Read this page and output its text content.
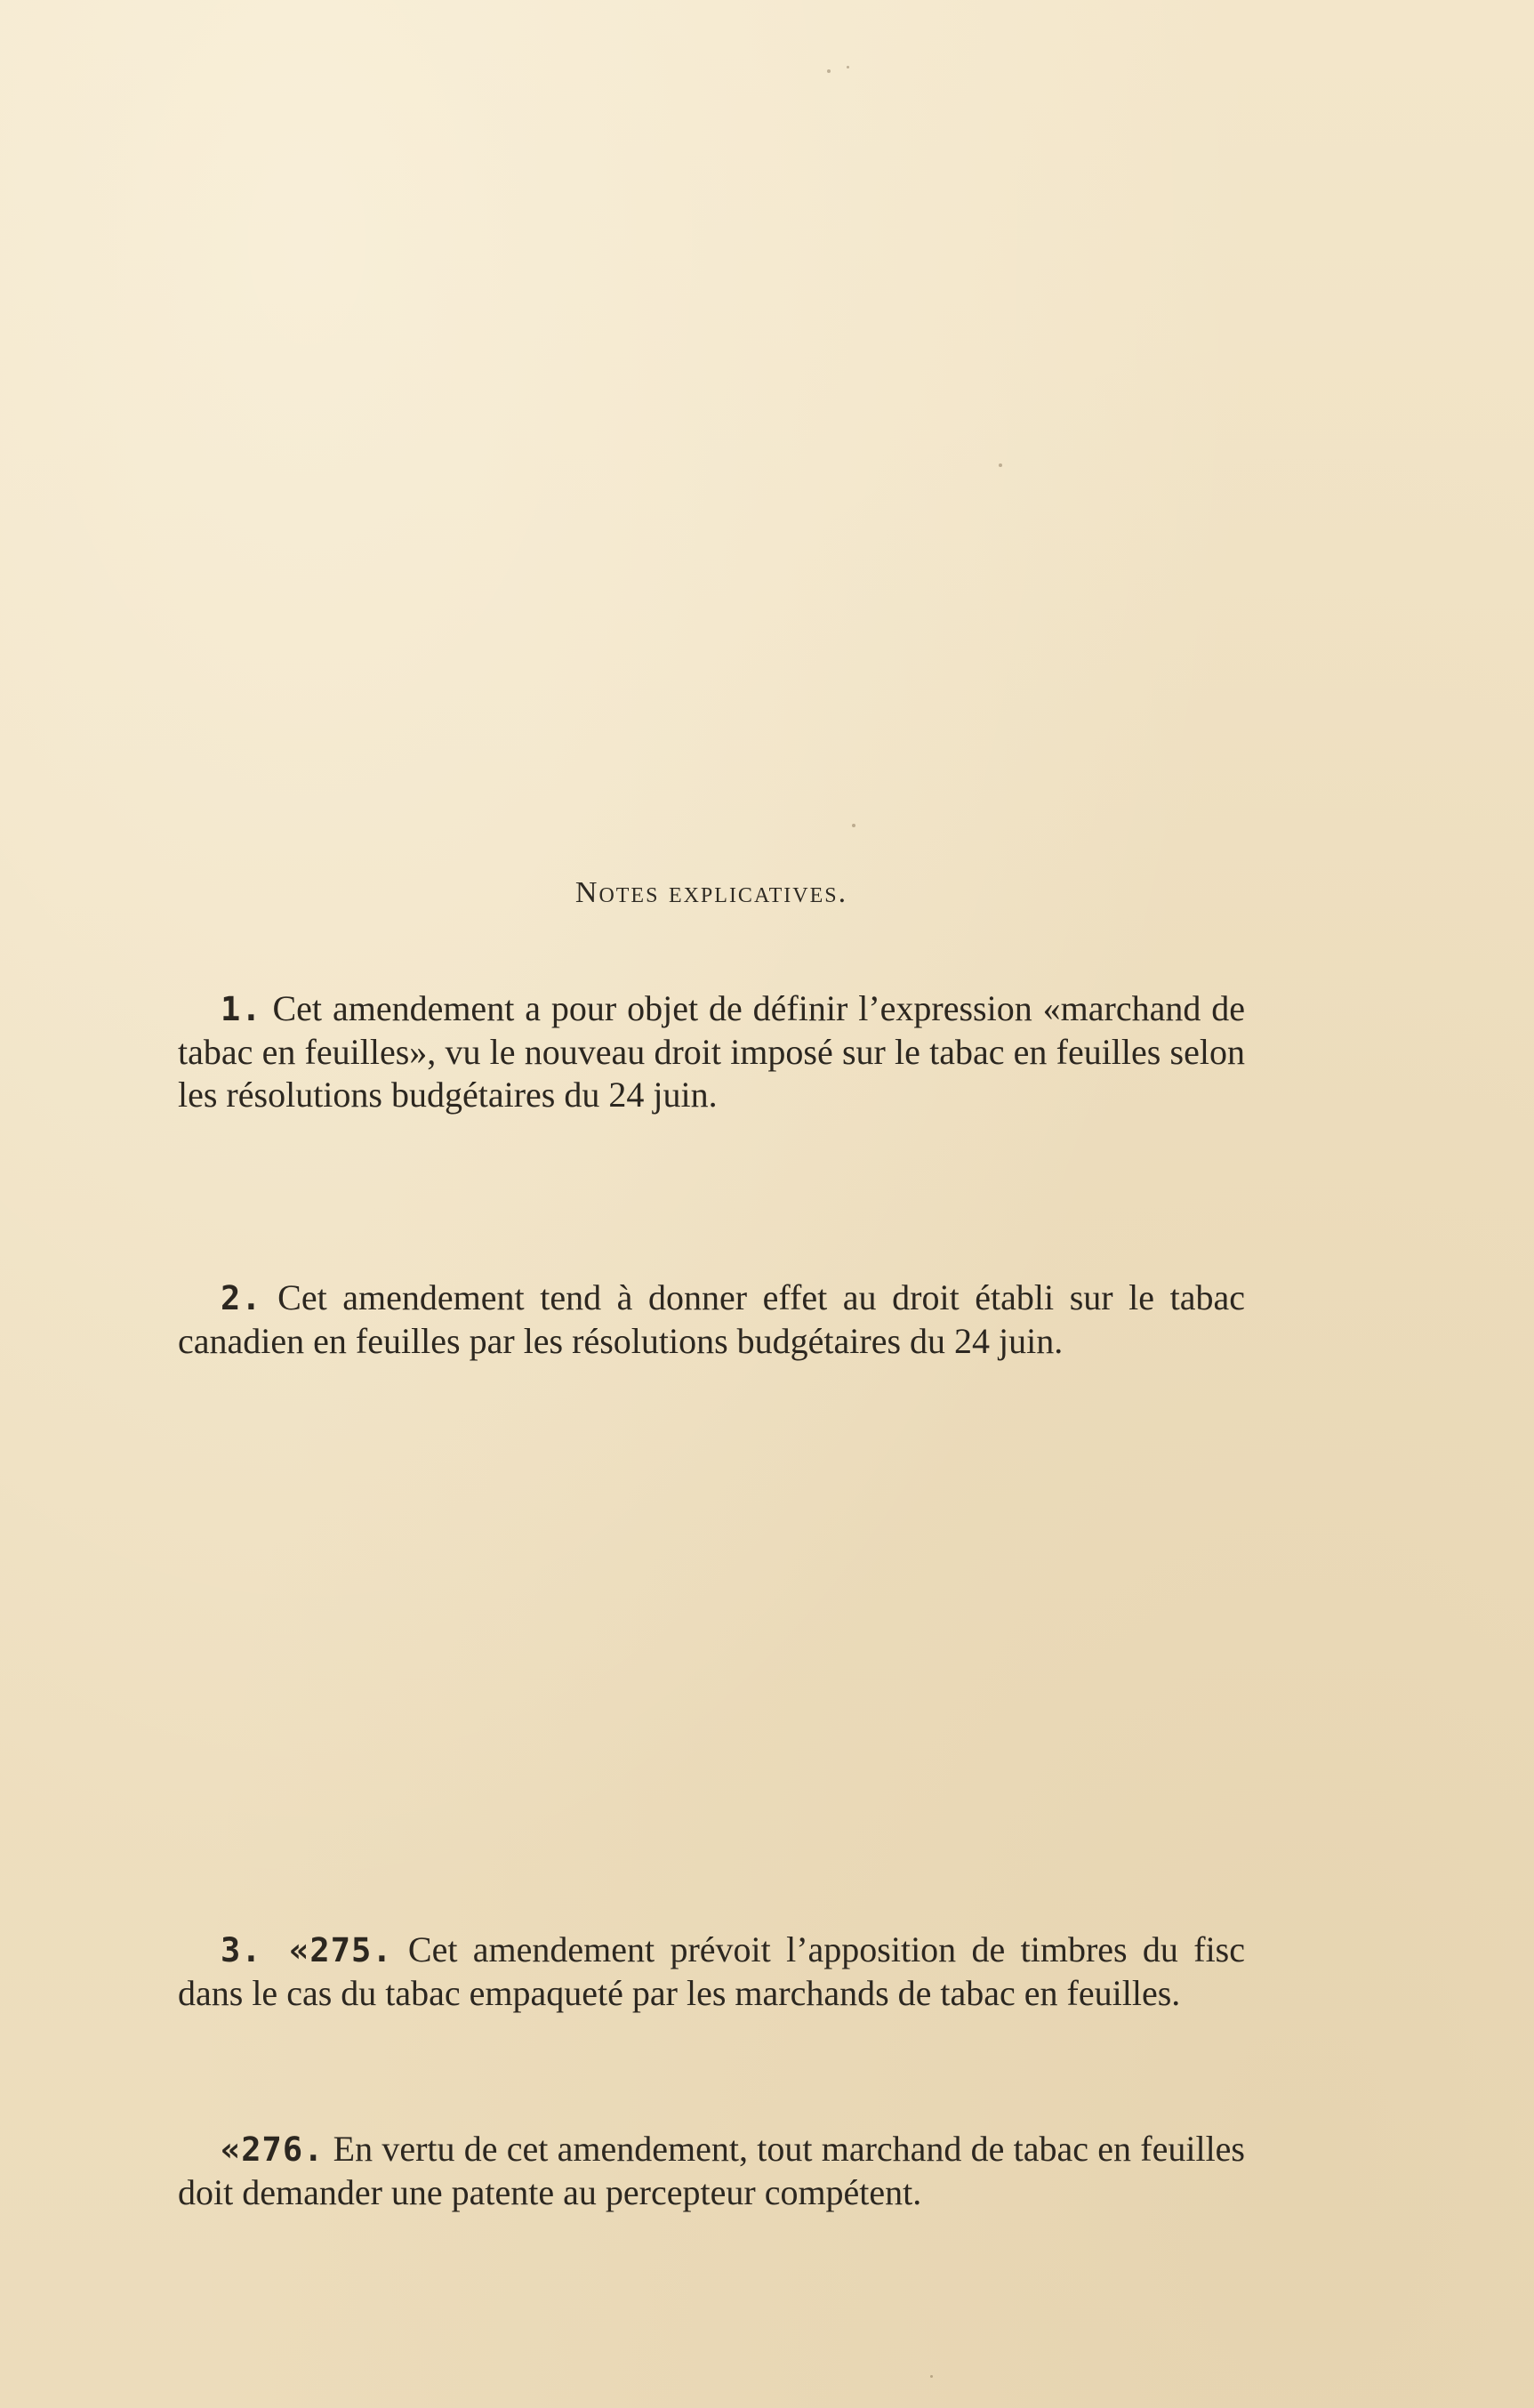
Notes explicatives.

1. Cet amendement a pour objet de définir l’expression «marchand de tabac en feuilles», vu le nouveau droit imposé sur le tabac en feuilles selon les résolutions budgétaires du 24 juin.

2. Cet amendement tend à donner effet au droit établi sur le tabac canadien en feuilles par les résolutions budgétaires du 24 juin.

3. «275. Cet amendement prévoit l’apposition de timbres du fisc dans le cas du tabac empaqueté par les marchands de tabac en feuilles.

«276. En vertu de cet amendement, tout marchand de tabac en feuilles doit demander une patente au percepteur compétent.
